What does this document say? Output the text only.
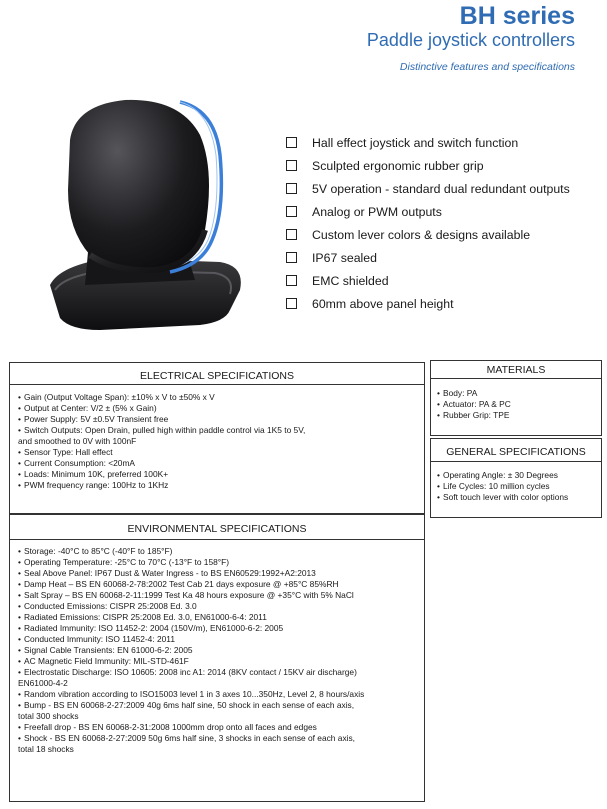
BH series
Paddle joystick controllers
Distinctive features and specifications
Hall effect joystick and switch function
Sculpted ergonomic rubber grip
5V operation - standard dual redundant outputs
Analog or PWM outputs
Custom lever colors & designs available
IP67 sealed
EMC shielded
60mm above panel height
ELECTRICAL SPECIFICATIONS
• Gain (Output Voltage Span): ±10% x V to ±50% x V
• Output at Center: V/2 ± (5% x Gain)
• Power Supply: 5V ±0.5V Transient free
• Switch Outputs: Open Drain, pulled high within paddle control via 1K5 to 5V,
and smoothed to 0V with 100nF
• Sensor Type: Hall effect
• Current Consumption: <20mA
• Loads: Minimum 10K, preferred 100K+
• PWM frequency range: 100Hz to 1KHz
ENVIRONMENTAL SPECIFICATIONS
• Storage: -40°C to 85°C (-40°F to 185°F)
• Operating Temperature: -25°C to 70°C (-13°F to 158°F)
• Seal Above Panel: IP67 Dust & Water Ingress - to BS EN60529:1992+A2:2013
• Damp Heat – BS EN 60068-2-78:2002 Test Cab 21 days exposure @ +85°C 85%RH
• Salt Spray – BS EN 60068-2-11:1999 Test Ka 48 hours exposure @ +35°C with 5% NaCl
• Conducted Emissions: CISPR 25:2008 Ed. 3.0
• Radiated Emissions: CISPR 25:2008 Ed. 3.0, EN61000-6-4: 2011
• Radiated Immunity: ISO 11452-2: 2004 (150V/m), EN61000-6-2: 2005
• Conducted Immunity: ISO 11452-4: 2011
• Signal Cable Transients: EN 61000-6-2: 2005
• AC Magnetic Field Immunity: MIL-STD-461F
• Electrostatic Discharge: ISO 10605: 2008 inc A1: 2014 (8KV contact / 15KV air discharge)
EN61000-4-2
• Random vibration according to ISO15003 level 1 in 3 axes 10...350Hz, Level 2, 8 hours/axis
• Bump - BS EN 60068-2-27:2009 40g 6ms half sine, 50 shock in each sense of each axis,
total 300 shocks
• Freefall drop - BS EN 60068-2-31:2008 1000mm drop onto all faces and edges
• Shock - BS EN 60068-2-27:2009 50g 6ms half sine, 3 shocks in each sense of each axis,
total 18 shocks
MATERIALS
• Body: PA
• Actuator: PA & PC
• Rubber Grip: TPE
GENERAL SPECIFICATIONS
• Operating Angle: ± 30 Degrees
• Life Cycles: 10 million cycles
• Soft touch lever with color options
